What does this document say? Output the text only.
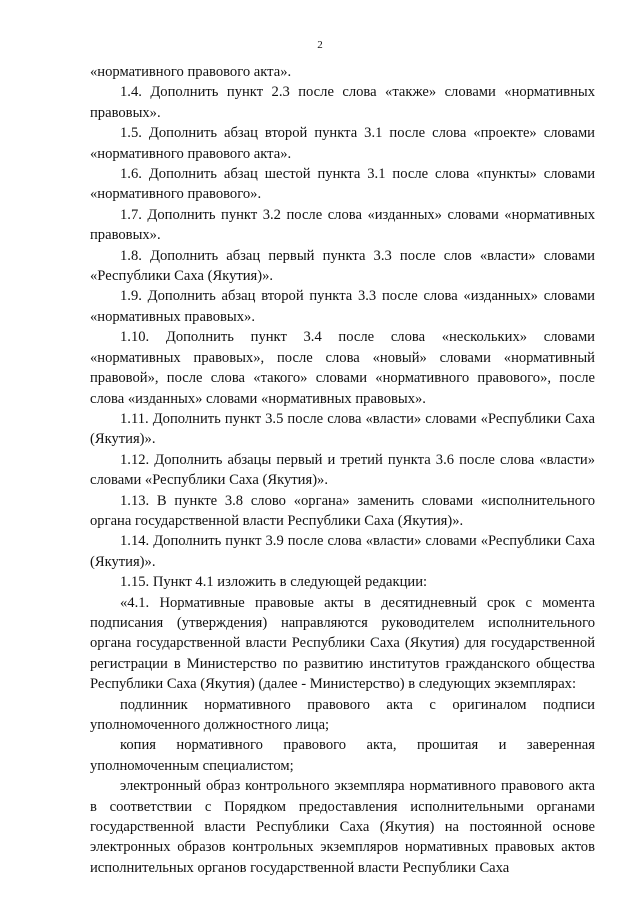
2

«нормативного правового акта».

1.4. Дополнить пункт 2.3 после слова «также» словами «нормативных правовых».

1.5. Дополнить абзац второй пункта 3.1 после слова «проекте» словами «нормативного правового акта».

1.6. Дополнить абзац шестой пункта 3.1 после слова «пункты» словами «нормативного правового».

1.7. Дополнить пункт 3.2 после слова «изданных» словами «нормативных правовых».

1.8. Дополнить абзац первый пункта 3.3 после слов «власти» словами «Республики Саха (Якутия)».

1.9. Дополнить абзац второй пункта 3.3 после слова «изданных» словами «нормативных правовых».

1.10. Дополнить пункт 3.4 после слова «нескольких» словами «нормативных правовых», после слова «новый» словами «нормативный правовой», после слова «такого» словами «нормативного правового», после слова «изданных» словами «нормативных правовых».

1.11. Дополнить пункт 3.5 после слова «власти» словами «Республики Саха (Якутия)».

1.12. Дополнить абзацы первый и третий пункта 3.6 после слова «власти» словами «Республики Саха (Якутия)».

1.13. В пункте 3.8 слово «органа» заменить словами «исполнительного органа государственной власти Республики Саха (Якутия)».

1.14. Дополнить пункт 3.9 после слова «власти» словами «Республики Саха (Якутия)».

1.15. Пункт 4.1 изложить в следующей редакции:

«4.1. Нормативные правовые акты в десятидневный срок с момента подписания (утверждения) направляются руководителем исполнительного органа государственной власти Республики Саха (Якутия) для государственной регистрации в Министерство по развитию институтов гражданского общества Республики Саха (Якутия) (далее - Министерство) в следующих экземплярах:

подлинник нормативного правового акта с оригиналом подписи уполномоченного должностного лица;

копия нормативного правового акта, прошитая и заверенная уполномоченным специалистом;

электронный образ контрольного экземпляра нормативного правового акта в соответствии с Порядком предоставления исполнительными органами государственной власти Республики Саха (Якутия) на постоянной основе электронных образов контрольных экземпляров нормативных правовых актов исполнительных органов государственной власти Республики Саха
